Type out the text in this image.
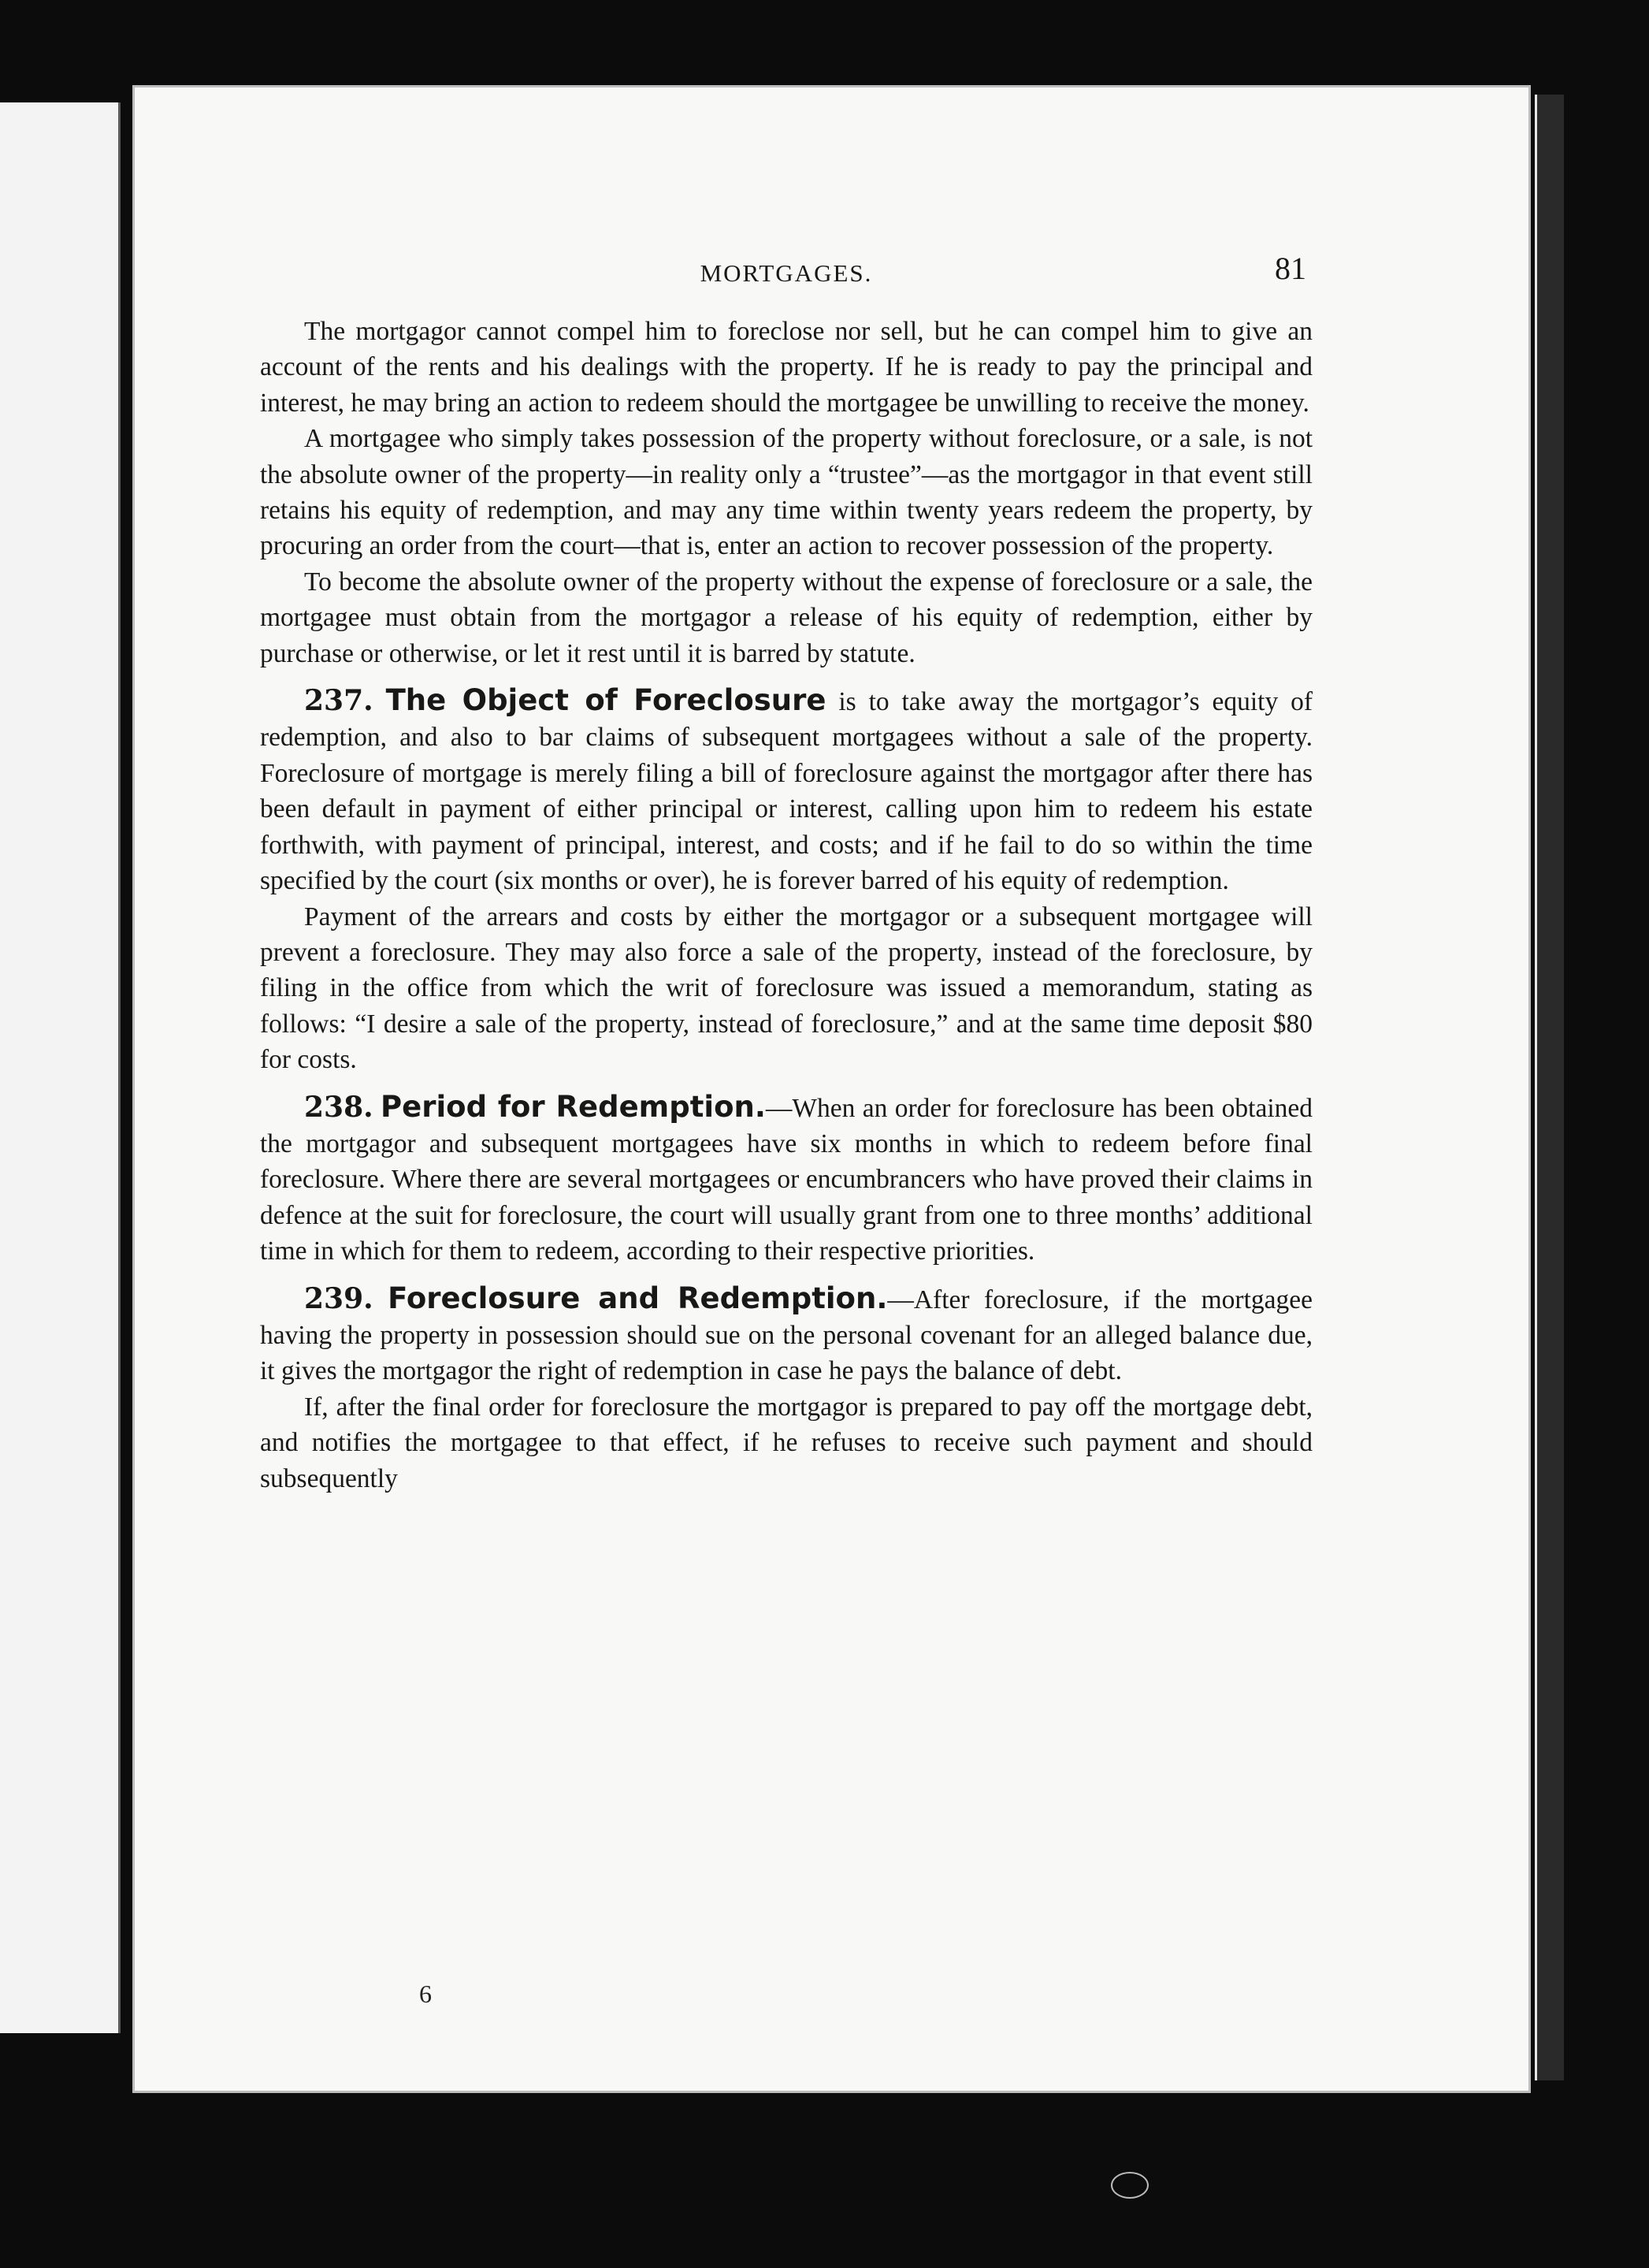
MORTGAGES.	81

The mortgagor cannot compel him to foreclose nor sell, but he can compel him to give an account of the rents and his dealings with the property. If he is ready to pay the principal and interest, he may bring an action to redeem should the mortgagee be unwilling to receive the money.

A mortgagee who simply takes possession of the property without foreclosure, or a sale, is not the absolute owner of the property—in reality only a “trustee”—as the mortgagor in that event still retains his equity of redemption, and may any time within twenty years redeem the property, by procuring an order from the court—that is, enter an action to recover possession of the property.

To become the absolute owner of the property without the expense of foreclosure or a sale, the mortgagee must obtain from the mortgagor a release of his equity of redemption, either by purchase or otherwise, or let it rest until it is barred by statute.

237. The Object of Foreclosure is to take away the mortgagor’s equity of redemption, and also to bar claims of subsequent mortgagees without a sale of the property. Foreclosure of mortgage is merely filing a bill of foreclosure against the mortgagor after there has been default in payment of either principal or interest, calling upon him to redeem his estate forthwith, with payment of principal, interest, and costs; and if he fail to do so within the time specified by the court (six months or over), he is forever barred of his equity of redemption.

Payment of the arrears and costs by either the mortgagor or a subsequent mortgagee will prevent a foreclosure. They may also force a sale of the property, instead of the foreclosure, by filing in the office from which the writ of foreclosure was issued a memorandum, stating as follows: “I desire a sale of the property, instead of foreclosure,” and at the same time deposit $80 for costs.

238. Period for Redemption.—When an order for foreclosure has been obtained the mortgagor and subsequent mortgagees have six months in which to redeem before final foreclosure. Where there are several mortgagees or encumbrancers who have proved their claims in defence at the suit for foreclosure, the court will usually grant from one to three months’ additional time in which for them to redeem, according to their respective priorities.

239. Foreclosure and Redemption.—After foreclosure, if the mortgagee having the property in possession should sue on the personal covenant for an alleged balance due, it gives the mortgagor the right of redemption in case he pays the balance of debt.

If, after the final order for foreclosure the mortgagor is prepared to pay off the mortgage debt, and notifies the mortgagee to that effect, if he refuses to receive such payment and should subsequently

6
